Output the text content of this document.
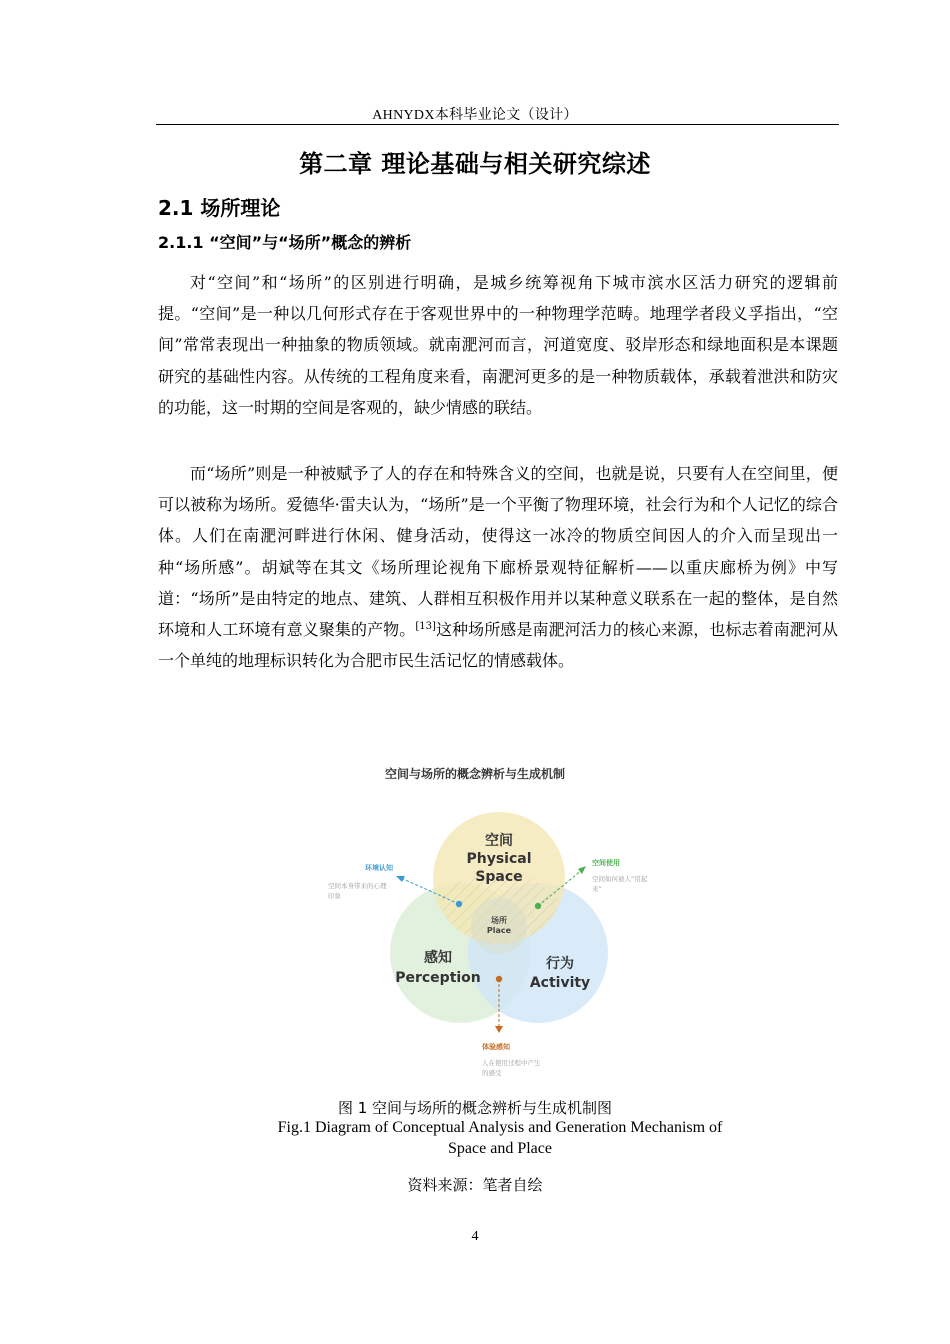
AHNYDX本科毕业论文（设计）
第二章 理论基础与相关研究综述
2.1 场所理论
2.1.1 “空间”与“场所”概念的辨析

对“空间”和“场所”的区别进行明确，是城乡统筹视角下城市滨水区活力研究的逻辑前提。“空间”是一种以几何形式存在于客观世界中的一种物理学范畴。地理学者段义孚指出，“空间”常常表现出一种抽象的物质领域。就南淝河而言，河道宽度、驳岸形态和绿地面积是本课题研究的基础性内容。从传统的工程角度来看，南淝河更多的是一种物质载体，承载着泄洪和防灾的功能，这一时期的空间是客观的，缺少情感的联结。

而“场所”则是一种被赋予了人的存在和特殊含义的空间，也就是说，只要有人在空间里，便可以被称为场所。爱德华·雷夫认为，“场所”是一个平衡了物理环境，社会行为和个人记忆的综合体。人们在南淝河畔进行休闲、健身活动，使得这一冰冷的物质空间因人的介入而呈现出一种“场所感”。胡斌等在其文《场所理论视角下廊桥景观特征解析——以重庆廊桥为例》中写道：“场所”是由特定的地点、建筑、人群相互积极作用并以某种意义联系在一起的整体，是自然环境和人工环境有意义聚集的产物。[13]这种场所感是南淝河活力的核心来源，也标志着南淝河从一个单纯的地理标识转化为合肥市民生活记忆的情感载体。

空间与场所的概念辨析与生成机制
空间
Physical
Space
感知
Perception
行为
Activity
场所
Place
环境认知
空间本身带来的心理
印象
空间使用
空间如何被人“用起
来”
体验感知
人在使用过程中产生
的感受
图 1 空间与场所的概念辨析与生成机制图
Fig.1 Diagram of Conceptual Analysis and Generation Mechanism of Space and Place
资料来源：笔者自绘
4
